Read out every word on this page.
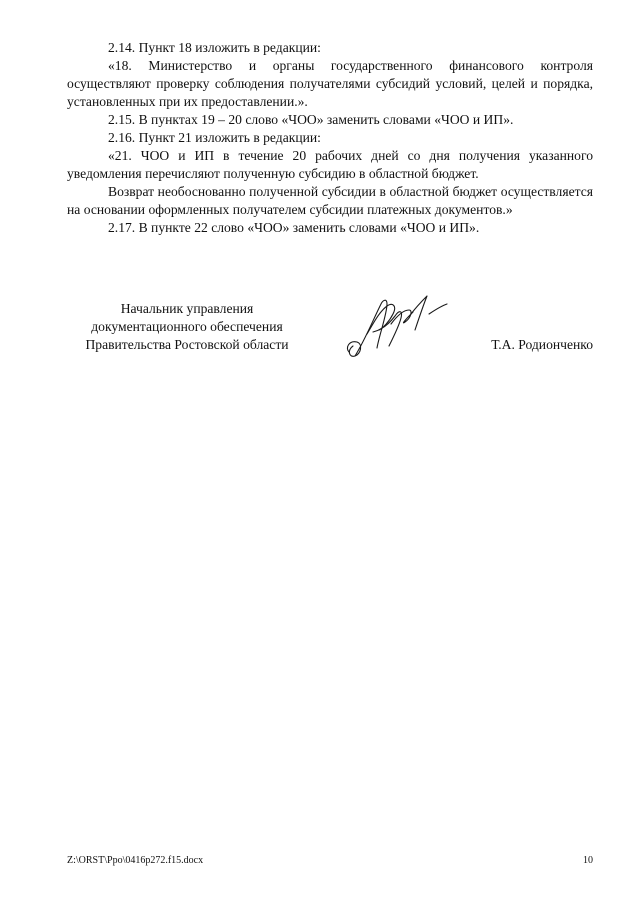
2.14. Пункт 18 изложить в редакции:

«18. Министерство и органы государственного финансового контроля осуществляют проверку соблюдения получателями субсидий условий, целей и порядка, установленных при их предоставлении.».

2.15. В пунктах 19 – 20 слово «ЧОО» заменить словами «ЧОО и ИП».

2.16. Пункт 21 изложить в редакции:

«21. ЧОО и ИП в течение 20 рабочих дней со дня получения указанного уведомления перечисляют полученную субсидию в областной бюджет.

Возврат необоснованно полученной субсидии в областной бюджет осуществляется на основании оформленных получателем субсидии платежных документов.»

2.17. В пункте 22 слово «ЧОО» заменить словами «ЧОО и ИП».

Начальник управления
документационного обеспечения
Правительства Ростовской области	Т.А. Родионченко
Z:\ORST\Ppo\0416p272.f15.docx	10
